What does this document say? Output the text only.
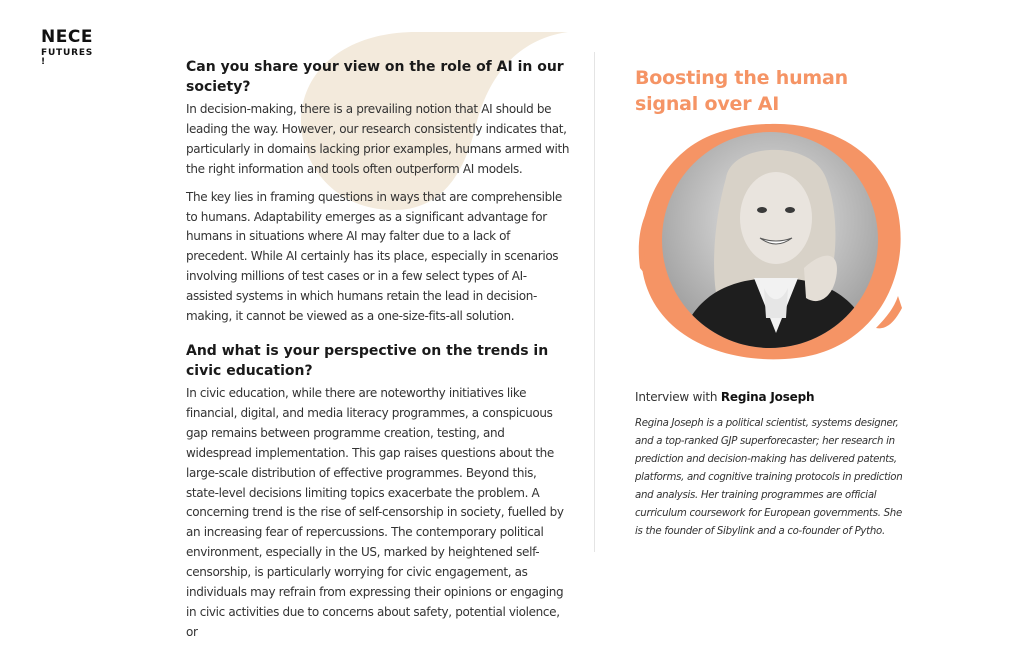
NECE
FUTURES
!	Can you share your view on the role of AI in our society?

In decision-making, there is a prevailing notion that AI should be leading the way. However, our research consistently indicates that, particularly in domains lacking prior examples, humans armed with the right information and tools often outperform AI models.

The key lies in framing questions in ways that are comprehensible to humans. Adaptability emerges as a significant advantage for humans in situations where AI may falter due to a lack of precedent. While AI certainly has its place, especially in scenarios involving millions of test cases or in a few select types of AI-assisted systems in which humans retain the lead in decision-making, it cannot be viewed as a one-size-fits-all solution.

And what is your perspective on the trends in civic education?

In civic education, while there are noteworthy initiatives like financial, digital, and media literacy programmes, a conspicuous gap remains between programme creation, testing, and widespread implementation. This gap raises questions about the large-scale distribution of effective programmes. Beyond this, state-level decisions limiting topics exacerbate the problem. A concerning trend is the rise of self-censorship in society, fuelled by an increasing fear of repercussions. The contemporary political environment, especially in the US, marked by heightened self-censorship, is particularly worrying for civic engagement, as individuals may refrain from expressing their opinions or engaging in civic activities due to concerns about safety, potential violence, or

Boosting the human signal over AI
Interview with Regina Joseph

Regina Joseph is a political scientist, systems designer, and a top-ranked GJP superforecaster; her research in prediction and decision-making has delivered patents, platforms, and cognitive training protocols in prediction and analysis. Her training programmes are official curriculum coursework for European governments. She is the founder of Sibylink and a co-founder of Pytho.
